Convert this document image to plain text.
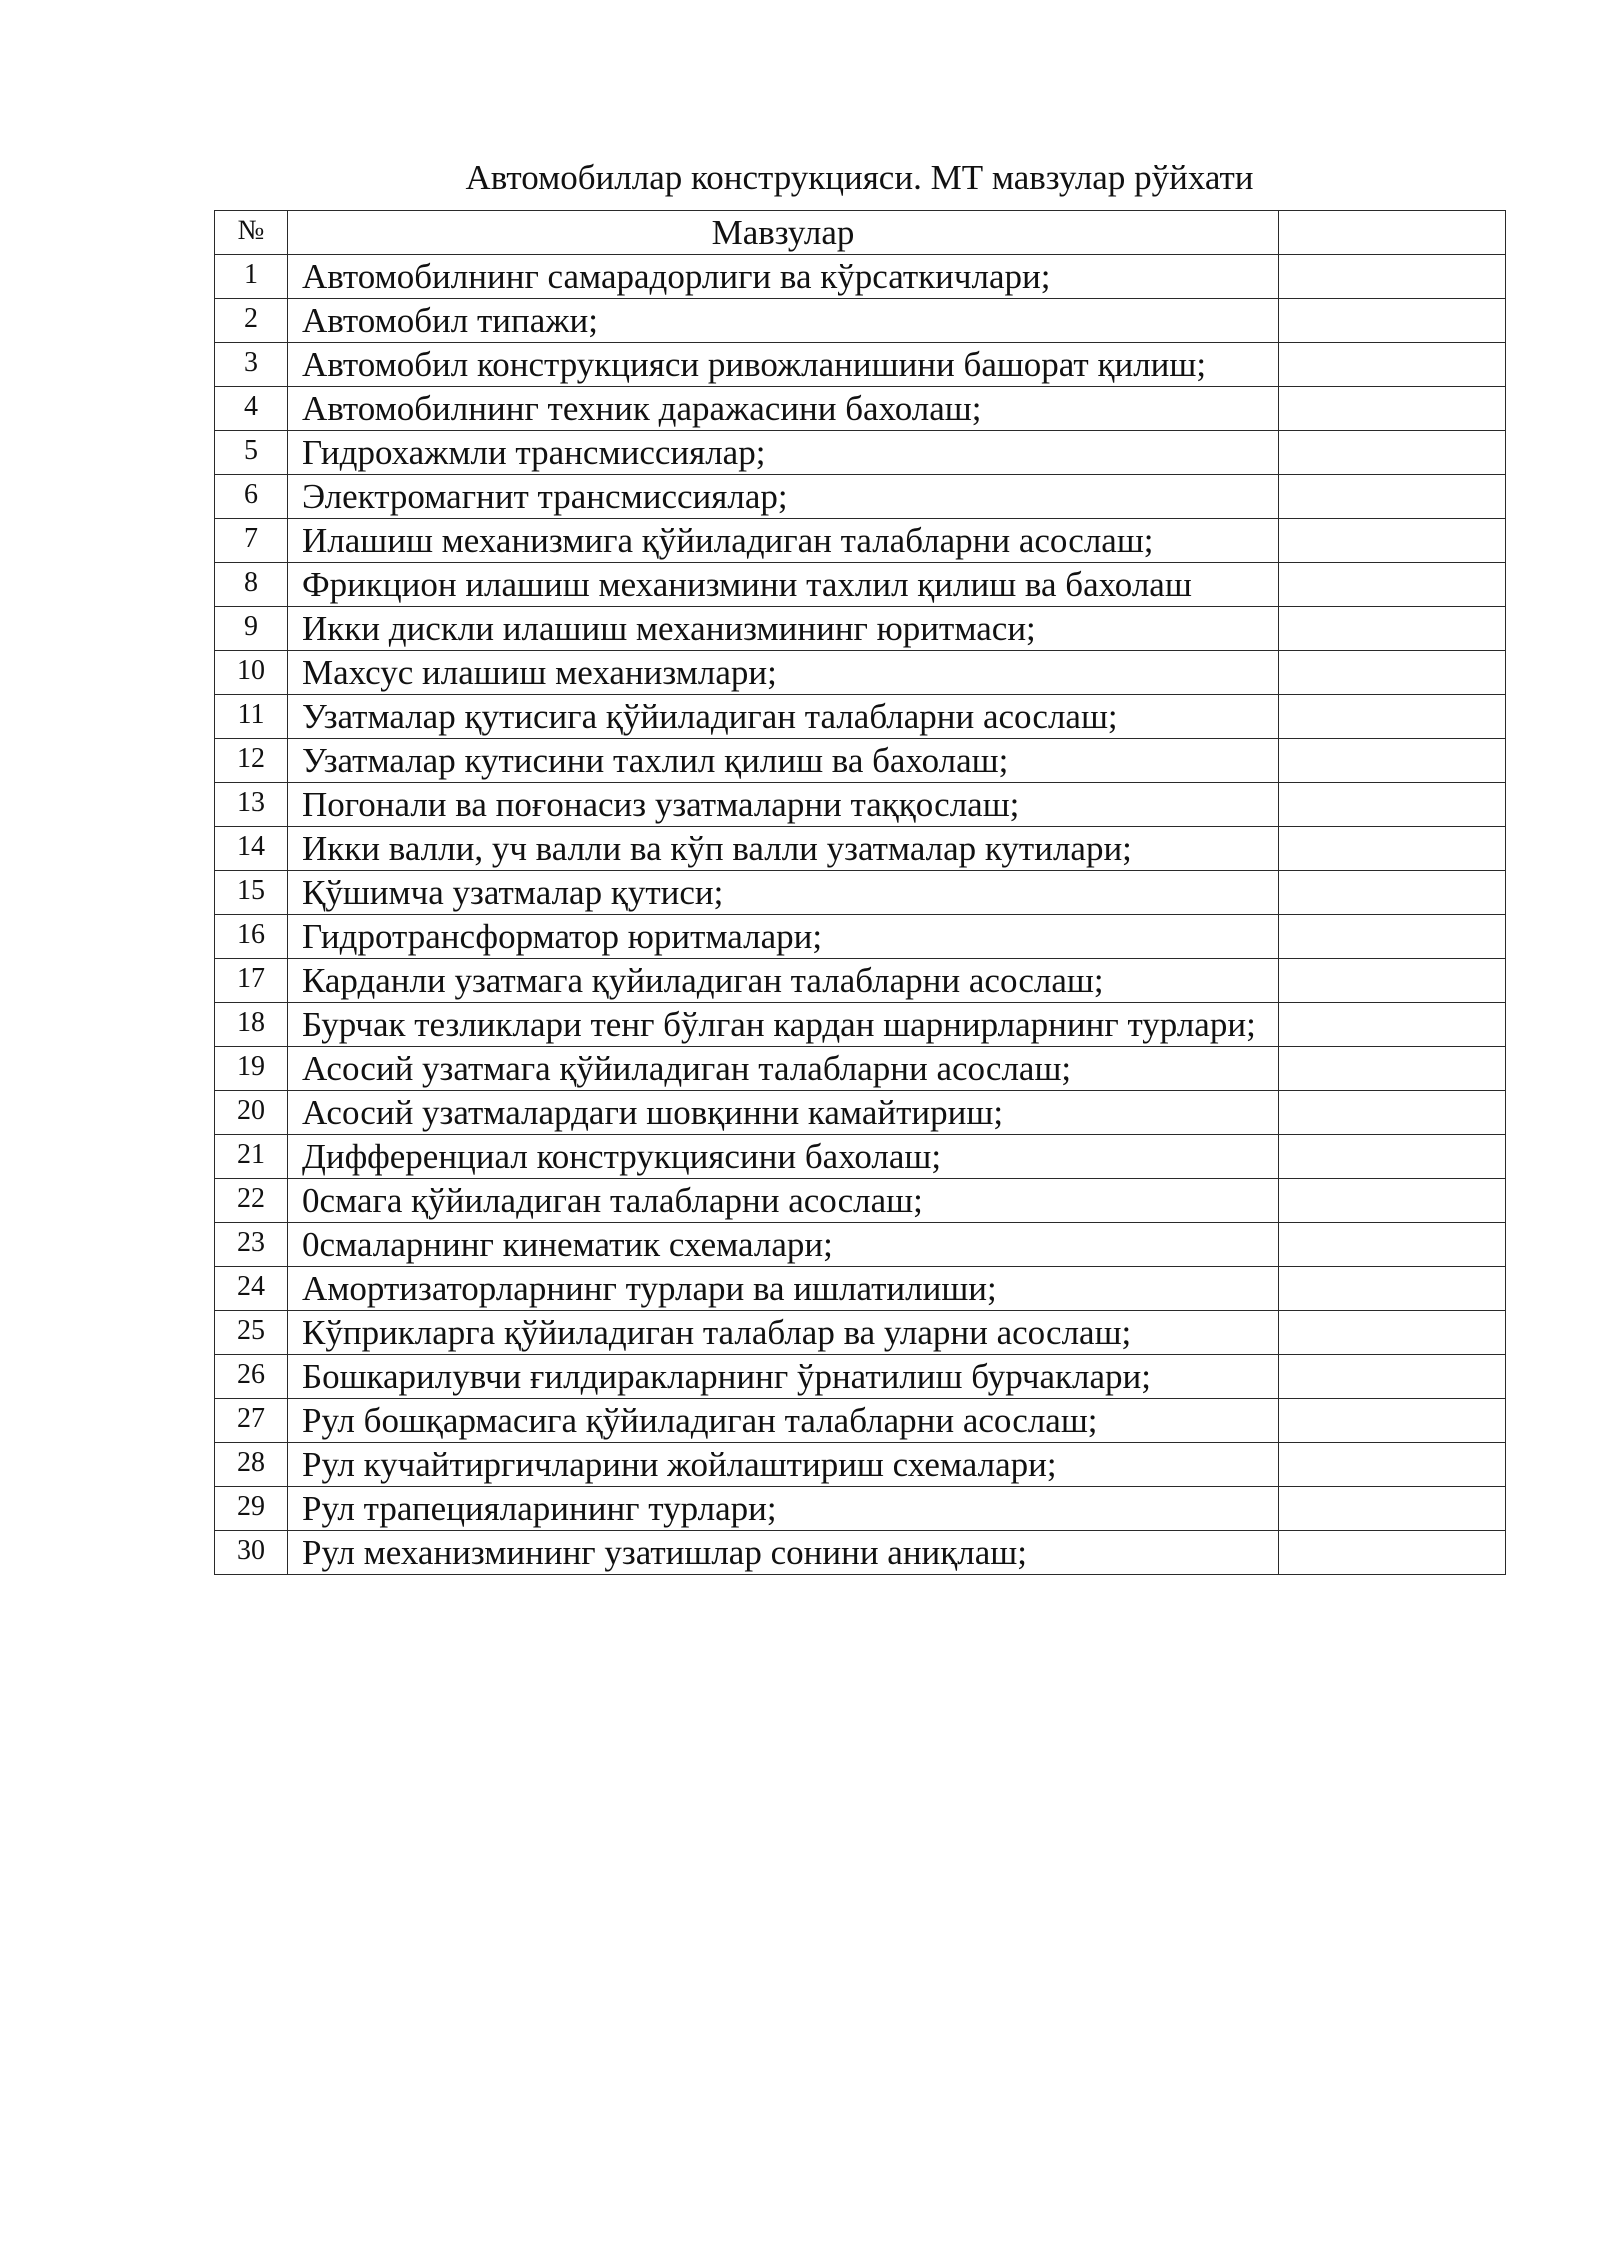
Автомобиллар конструкцияси. МТ мавзулар рўйхати
№	Мавзулар	
1	Автомобилнинг самарадорлиги ва кўрсаткичлари;	
2	Автомобил типажи;	
3	Автомобил конструкцияси ривожланишини башорат қилиш;	
4	Автомобилнинг техник даражасини бахолаш;	
5	Гидрохажмли трансмиссиялар;	
6	Электромагнит трансмиссиялар;	
7	Илашиш механизмига қўйиладиган талабларни асослаш;	
8	Фрикцион илашиш механизмини тахлил қилиш ва бахолаш	
9	Икки дискли илашиш механизмининг юритмаси;	
10	Махсус илашиш механизмлари;	
11	Узатмалар қутисига қўйиладиган талабларни асослаш;	
12	Узатмалар кутисини тахлил қилиш ва бахолаш;	
13	Погонали ва поғонасиз узатмаларни таққослаш;	
14	Икки валли, уч валли ва кўп валли узатмалар кутилари;	
15	Қўшимча узатмалар қутиси;	
16	Гидротрансформатор юритмалари;	
17	Карданли узатмага қуйиладиган талабларни асослаш;	
18	Бурчак тезликлари тенг бўлган кардан шарнирларнинг турлари;	
19	Асосий узатмага қўйиладиган талабларни асослаш;	
20	Асосий узатмалардаги шовқинни камайтириш;	
21	Дифференциал конструкциясини бахолаш;	
22	0смага қўйиладиган талабларни асослаш;	
23	0смаларнинг кинематик схемалари;	
24	Амортизаторларнинг турлари ва ишлатилиши;	
25	Кўприкларга қўйиладиган талаблар ва уларни асослаш;	
26	Бошкарилувчи ғилдиракларнинг ўрнатилиш бурчаклари;	
27	Рул бошқармасига қўйиладиган талабларни асослаш;	
28	Рул кучайтиргичларини жойлаштириш схемалари;	
29	Рул трапецияларининг турлари;	
30	Рул механизмининг узатишлар сонини аниқлаш;	
